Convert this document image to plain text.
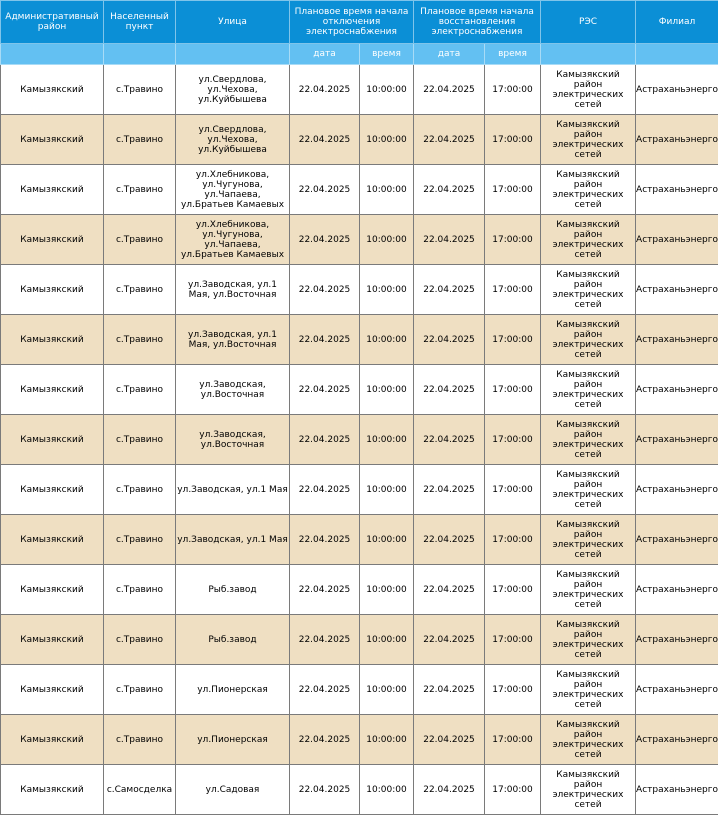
Административный район	Населенный пункт	Улица	Плановое время начала отключения электроснабжения		Плановое время начала восстановления электроснабжения		РЭС	Филиал
			дата	время	дата	время		
Камызякский	с.Травино	ул.Свердлова, ул.Чехова, ул.Куйбышева	22.04.2025	10:00:00	22.04.2025	17:00:00	Камызякский район электрических сетей	Астраханьэнерго
Камызякский	с.Травино	ул.Свердлова, ул.Чехова, ул.Куйбышева	22.04.2025	10:00:00	22.04.2025	17:00:00	Камызякский район электрических сетей	Астраханьэнерго
Камызякский	с.Травино	ул.Хлебникова, ул.Чугунова, ул.Чапаева, ул.Братьев Камаевых	22.04.2025	10:00:00	22.04.2025	17:00:00	Камызякский район электрических сетей	Астраханьэнерго
Камызякский	с.Травино	ул.Хлебникова, ул.Чугунова, ул.Чапаева, ул.Братьев Камаевых	22.04.2025	10:00:00	22.04.2025	17:00:00	Камызякский район электрических сетей	Астраханьэнерго
Камызякский	с.Травино	ул.Заводская, ул.1 Мая, ул.Восточная	22.04.2025	10:00:00	22.04.2025	17:00:00	Камызякский район электрических сетей	Астраханьэнерго
Камызякский	с.Травино	ул.Заводская, ул.1 Мая, ул.Восточная	22.04.2025	10:00:00	22.04.2025	17:00:00	Камызякский район электрических сетей	Астраханьэнерго
Камызякский	с.Травино	ул.Заводская, ул.Восточная	22.04.2025	10:00:00	22.04.2025	17:00:00	Камызякский район электрических сетей	Астраханьэнерго
Камызякский	с.Травино	ул.Заводская, ул.Восточная	22.04.2025	10:00:00	22.04.2025	17:00:00	Камызякский район электрических сетей	Астраханьэнерго
Камызякский	с.Травино	ул.Заводская, ул.1 Мая	22.04.2025	10:00:00	22.04.2025	17:00:00	Камызякский район электрических сетей	Астраханьэнерго
Камызякский	с.Травино	ул.Заводская, ул.1 Мая	22.04.2025	10:00:00	22.04.2025	17:00:00	Камызякский район электрических сетей	Астраханьэнерго
Камызякский	с.Травино	Рыб.завод	22.04.2025	10:00:00	22.04.2025	17:00:00	Камызякский район электрических сетей	Астраханьэнерго
Камызякский	с.Травино	Рыб.завод	22.04.2025	10:00:00	22.04.2025	17:00:00	Камызякский район электрических сетей	Астраханьэнерго
Камызякский	с.Травино	ул.Пионерская	22.04.2025	10:00:00	22.04.2025	17:00:00	Камызякский район электрических сетей	Астраханьэнерго
Камызякский	с.Травино	ул.Пионерская	22.04.2025	10:00:00	22.04.2025	17:00:00	Камызякский район электрических сетей	Астраханьэнерго
Камызякский	с.Самосделка	ул.Садовая	22.04.2025	10:00:00	22.04.2025	17:00:00	Камызякский район электрических сетей	Астраханьэнерго
